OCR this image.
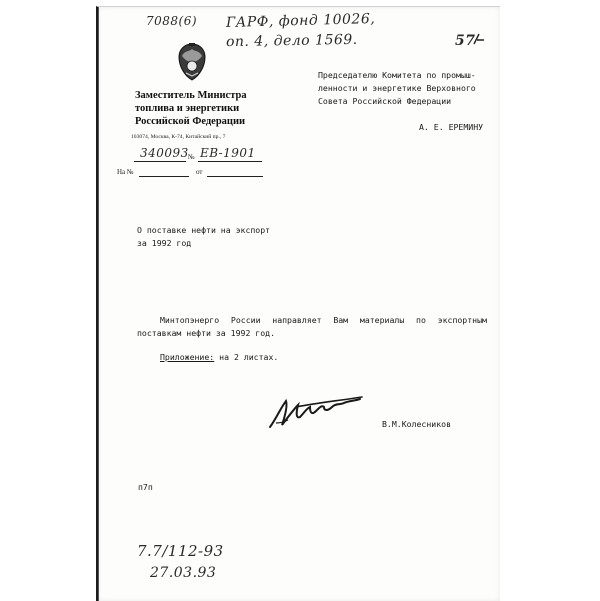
7088(6) ГАРФ, фонд 10026,
оп. 4, дело 1569.	57
Заместитель Министра
топлива и энергетики
Российской Федерации
103074, Москва, К-74, Китайский пр., 7
340093 № ЕВ-1901
На №	от
Председателю Комитета по промыш-
ленности и энергетике Верховного
Совета Российской Федерации
А. Е. ЕРЕМИНУ
О поставке нефти на экспорт
за 1992 год
Минтопэнерго России направляет Вам материалы по экспортным
поставкам нефти за 1992 год.
Приложение: на 2 листах.
В.М.Колесников
п7п
7.7/112-93
27.03.93
